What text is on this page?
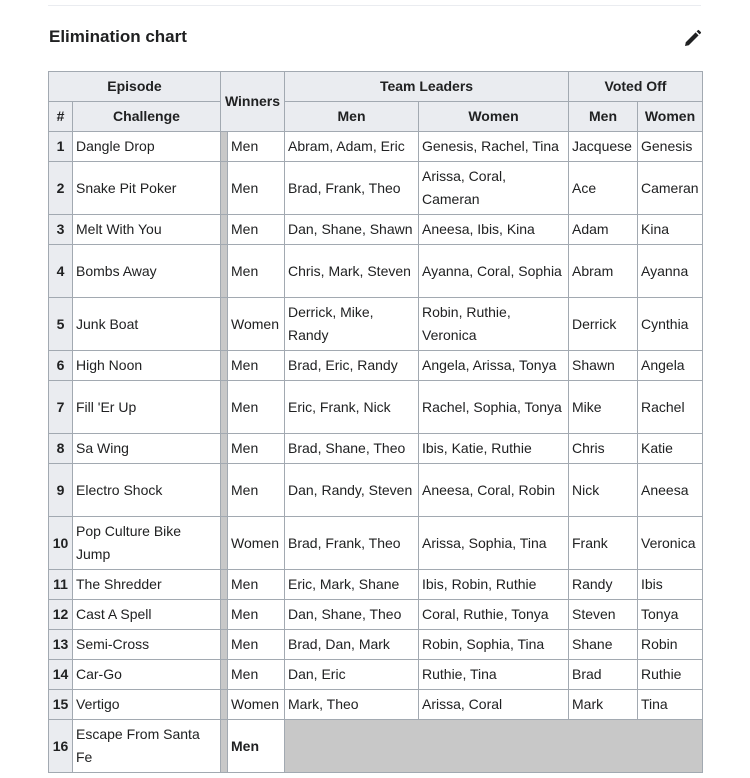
Elimination chart
Episode		Winners		Team Leaders		Voted Off	
#	Challenge			Men	Women	Men	Women
1	Dangle Drop		Men	Abram, Adam, Eric	Genesis, Rachel, Tina	Jacquese	Genesis
2	Snake Pit Poker		Men	Brad, Frank, Theo	Arissa, Coral, Cameran	Ace	Cameran
3	Melt With You		Men	Dan, Shane, Shawn	Aneesa, Ibis, Kina	Adam	Kina
4	Bombs Away		Men	Chris, Mark, Steven	Ayanna, Coral, Sophia	Abram	Ayanna
5	Junk Boat		Women	Derrick, Mike, Randy	Robin, Ruthie, Veronica	Derrick	Cynthia
6	High Noon		Men	Brad, Eric, Randy	Angela, Arissa, Tonya	Shawn	Angela
7	Fill 'Er Up		Men	Eric, Frank, Nick	Rachel, Sophia, Tonya	Mike	Rachel
8	Sa Wing		Men	Brad, Shane, Theo	Ibis, Katie, Ruthie	Chris	Katie
9	Electro Shock		Men	Dan, Randy, Steven	Aneesa, Coral, Robin	Nick	Aneesa
10	Pop Culture Bike Jump		Women	Brad, Frank, Theo	Arissa, Sophia, Tina	Frank	Veronica
11	The Shredder		Men	Eric, Mark, Shane	Ibis, Robin, Ruthie	Randy	Ibis
12	Cast A Spell		Men	Dan, Shane, Theo	Coral, Ruthie, Tonya	Steven	Tonya
13	Semi-Cross		Men	Brad, Dan, Mark	Robin, Sophia, Tina	Shane	Robin
14	Car-Go		Men	Dan, Eric	Ruthie, Tina	Brad	Ruthie
15	Vertigo		Women	Mark, Theo	Arissa, Coral	Mark	Tina
16	Escape From Santa Fe		Men				
